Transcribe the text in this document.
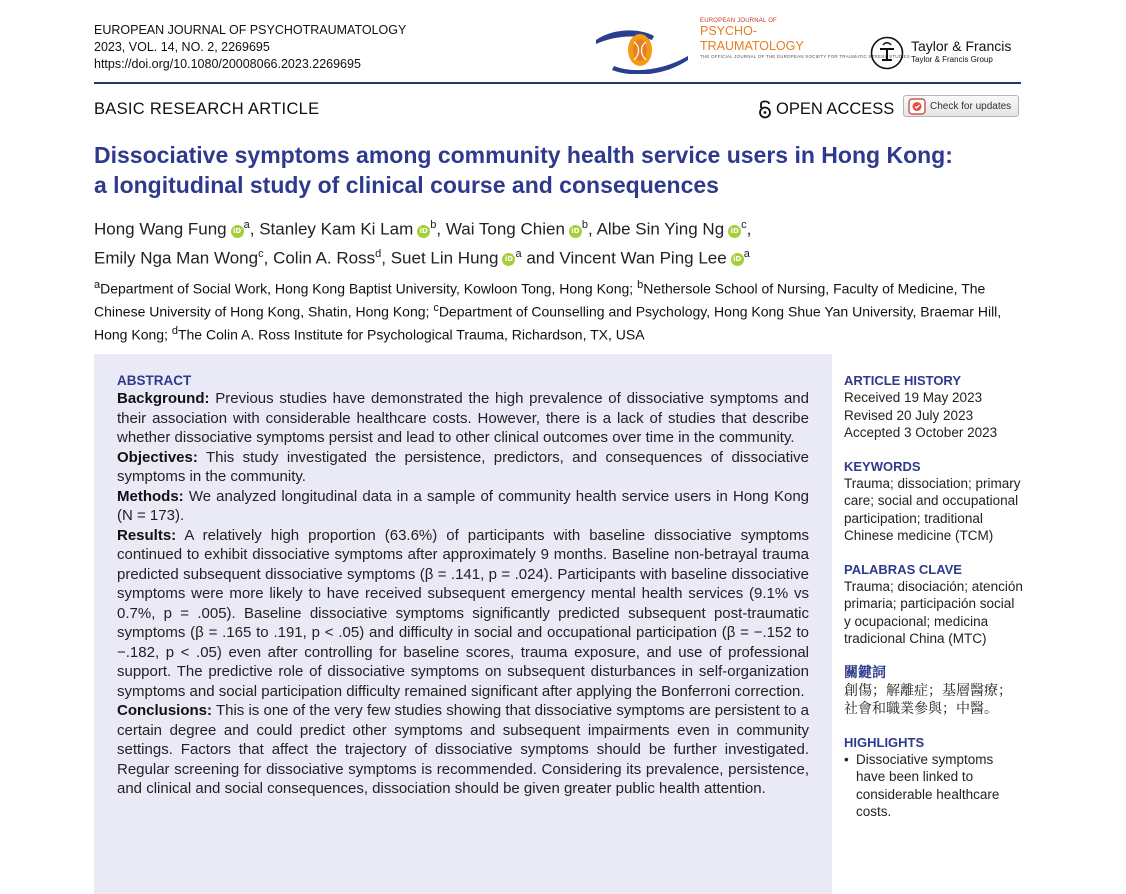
EUROPEAN JOURNAL OF PSYCHOTRAUMATOLOGY
2023, VOL. 14, NO. 2, 2269695
https://doi.org/10.1080/20008066.2023.2269695
EUROPEAN JOURNAL OF
PSYCHO-
TRAUMATOLOGY
THE OFFICIAL JOURNAL OF THE EUROPEAN SOCIETY FOR TRAUMATIC STRESS STUDIES
Taylor & Francis
Taylor & Francis Group
BASIC RESEARCH ARTICLE	OPEN ACCESS	Check for updates
Dissociative symptoms among community health service users in Hong Kong:
a longitudinal study of clinical course and consequences
Hong Wang Fung iD $^a$, Stanley Kam Ki Lam iD $^b$, Wai Tong Chien iD $^b$, Albe Sin Ying Ng iD $^c$,
Emily Nga Man Wong$^c$, Colin A. Ross$^d$, Suet Lin Hung iD $^a$ and Vincent Wan Ping Lee iD $^a$
$^a$Department of Social Work, Hong Kong Baptist University, Kowloon Tong, Hong Kong; $^b$Nethersole School of Nursing, Faculty of Medicine, The Chinese University of Hong Kong, Shatin, Hong Kong; $^c$Department of Counselling and Psychology, Hong Kong Shue Yan University, Braemar Hill, Hong Kong; $^d$The Colin A. Ross Institute for Psychological Trauma, Richardson, TX, USA
ABSTRACT

Background: Previous studies have demonstrated the high prevalence of dissociative symptoms and their association with considerable healthcare costs. However, there is a lack of studies that describe whether dissociative symptoms persist and lead to other clinical outcomes over time in the community.

Objectives: This study investigated the persistence, predictors, and consequences of dissociative symptoms in the community.

Methods: We analyzed longitudinal data in a sample of community health service users in Hong Kong (N = 173).

Results: A relatively high proportion (63.6%) of participants with baseline dissociative symptoms continued to exhibit dissociative symptoms after approximately 9 months. Baseline non-betrayal trauma predicted subsequent dissociative symptoms (β = .141, p = .024). Participants with baseline dissociative symptoms were more likely to have received subsequent emergency mental health services (9.1% vs 0.7%, p = .005). Baseline dissociative symptoms significantly predicted subsequent post-traumatic symptoms (β = .165 to .191, p < .05) and difficulty in social and occupational participation (β = −.152 to −.182, p < .05) even after controlling for baseline scores, trauma exposure, and use of professional support. The predictive role of dissociative symptoms on subsequent disturbances in self-organization symptoms and social participation difficulty remained significant after applying the Bonferroni correction.

Conclusions: This is one of the very few studies showing that dissociative symptoms are persistent to a certain degree and could predict other symptoms and subsequent impairments even in community settings. Factors that affect the trajectory of dissociative symptoms should be further investigated. Regular screening for dissociative symptoms is recommended. Considering its prevalence, persistence, and clinical and social consequences, dissociation should be given greater public health attention.

ARTICLE HISTORY
Received 19 May 2023
Revised 20 July 2023
Accepted 3 October 2023
KEYWORDS
Trauma; dissociation; primary care; social and occupational participation; traditional Chinese medicine (TCM)
PALABRAS CLAVE
Trauma; disociación; atención primaria; participación social y ocupacional; medicina tradicional China (MTC)
關鍵詞
創傷；解離症；基層醫療；社會和職業參與；中醫。
HIGHLIGHTS
• Dissociative symptoms have been linked to considerable healthcare costs.
